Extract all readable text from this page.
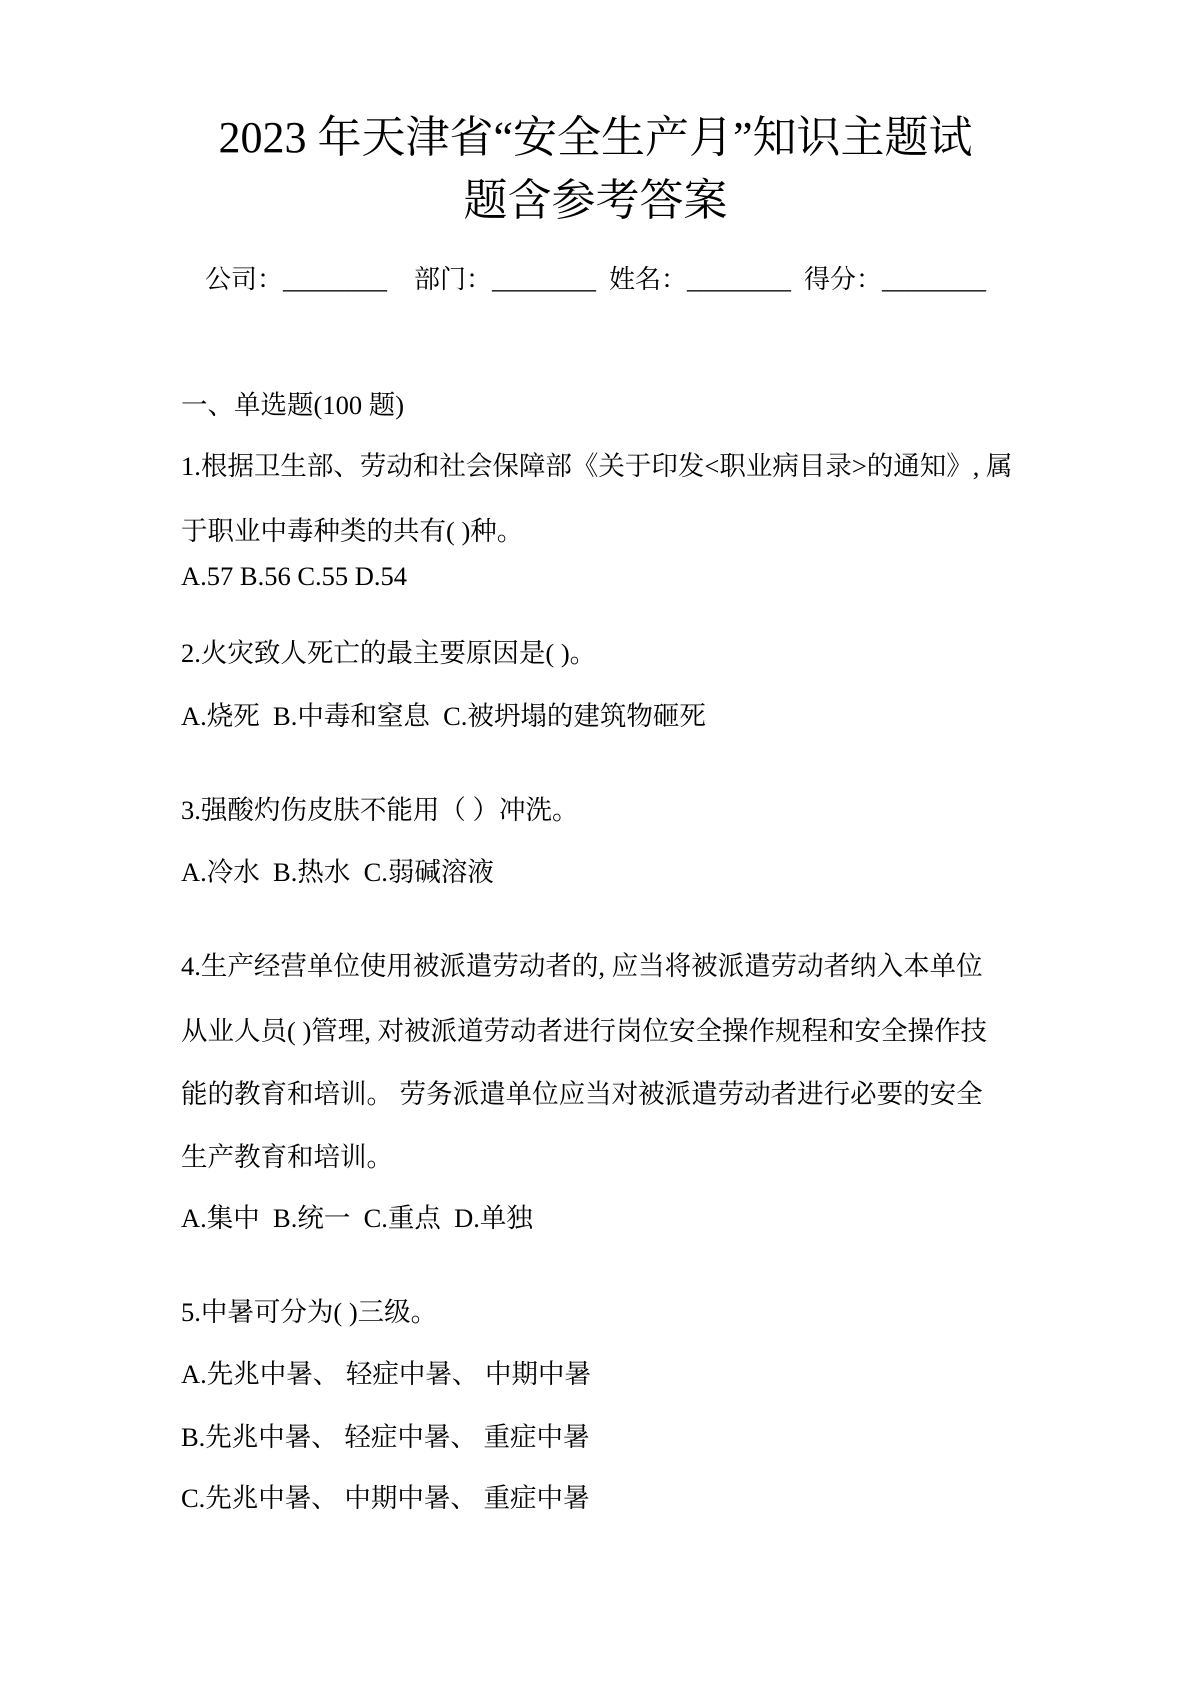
2023 年天津省“安全生产月”知识主题试
题含参考答案
公司：________ 部门：________ 姓名：________ 得分：________
一、单选题(100 题)
1.根据卫生部、劳动和社会保障部《关于印发<职业病目录>的通知》, 属
于职业中毒种类的共有( )种。
A.57 B.56 C.55 D.54
2.火灾致人死亡的最主要原因是( )。
A.烧死  B.中毒和窒息  C.被坍塌的建筑物砸死
3.强酸灼伤皮肤不能用（ ）冲洗。
A.冷水  B.热水  C.弱碱溶液
4.生产经营单位使用被派遣劳动者的, 应当将被派遣劳动者纳入本单位
从业人员( )管理, 对被派道劳动者进行岗位安全操作规程和安全操作技
能的教育和培训。 劳务派遣单位应当对被派遣劳动者进行必要的安全
生产教育和培训。
A.集中  B.统一  C.重点  D.单独
5.中暑可分为( )三级。
A.先兆中暑、 轻症中暑、 中期中暑
B.先兆中暑、 轻症中暑、 重症中暑
C.先兆中暑、 中期中暑、 重症中暑
